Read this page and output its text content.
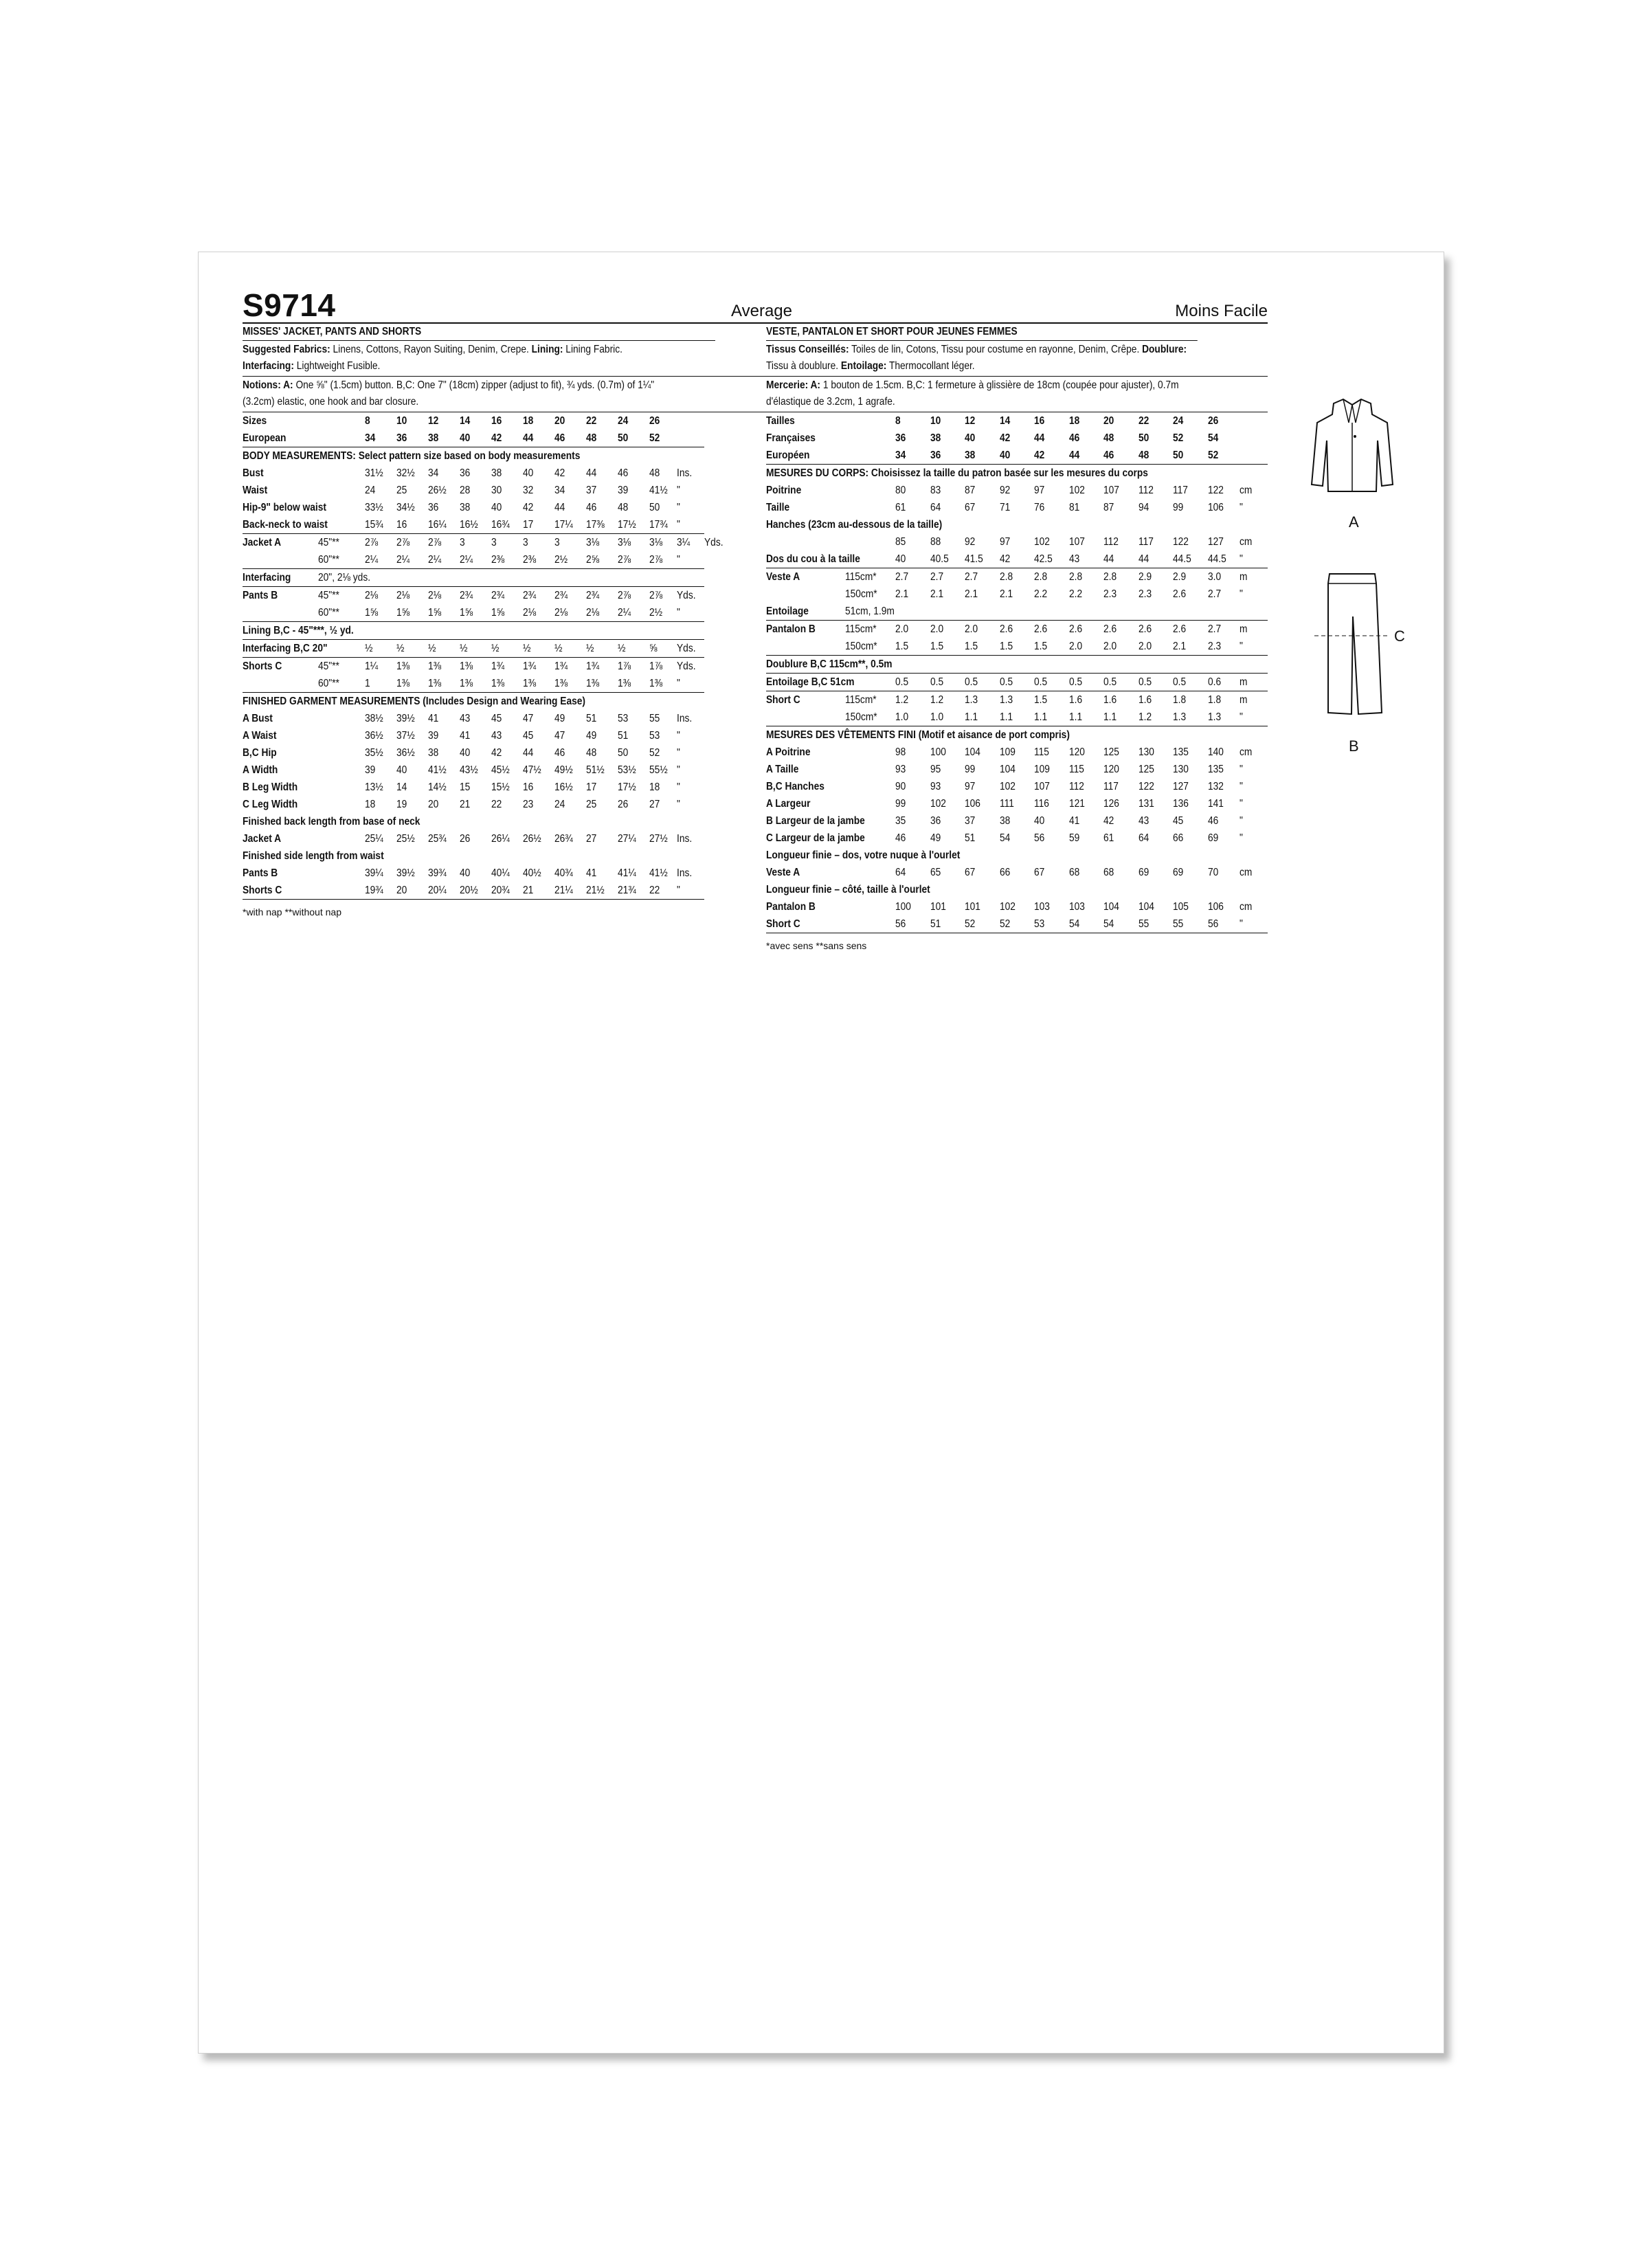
S9714	Average
MISSES' JACKET, PANTS AND SHORTS
Suggested Fabrics: Linens, Cottons, Rayon Suiting, Denim, Crepe. Lining: Lining Fabric.
Interfacing: Lightweight Fusible.
Notions: A: One ⅝" (1.5cm) button. B,C: One 7" (18cm) zipper (adjust to fit), ¾ yds. (0.7m) of 1¼"
(3.2cm) elastic, one hook and bar closure.
Sizes		8	10	12	14	16	18	20	22	24	26		
European		34	36	38	40	42	44	46	48	50	52		
BODY MEASUREMENTS: Select pattern size based on body measurements													
Bust		31½	32½	34	36	38	40	42	44	46	48	Ins.	
Waist		24	25	26½	28	30	32	34	37	39	41½	"	
Hip-9" below waist		33½	34½	36	38	40	42	44	46	48	50	"	
Back-neck to waist		15¾	16	16¼	16½	16¾	17	17¼	17⅜	17½	17¾	"	
Jacket A	45"**	2⅞	2⅞	2⅞	3	3	3	3	3⅛	3⅛	3⅛	3¼	Yds.
	60"**	2¼	2¼	2¼	2¼	2⅜	2⅜	2½	2⅝	2⅞	2⅞	"	
Interfacing	20", 2⅛ yds.												
Pants B	45"**	2⅛	2⅛	2⅛	2¾	2¾	2¾	2¾	2¾	2⅞	2⅞	Yds.	
	60"**	1⅝	1⅝	1⅝	1⅝	1⅝	2⅛	2⅛	2⅛	2¼	2½	"	
Lining B,C - 45"***, ½ yd.													
Interfacing B,C 20"		½	½	½	½	½	½	½	½	½	⅝	Yds.	
Shorts C	45"**	1¼	1⅜	1⅜	1⅜	1¾	1¾	1¾	1¾	1⅞	1⅞	Yds.	
	60"**	1	1⅜	1⅜	1⅜	1⅜	1⅜	1⅜	1⅜	1⅜	1⅜	"	
FINISHED GARMENT MEASUREMENTS (Includes Design and Wearing Ease)													
A Bust		38½	39½	41	43	45	47	49	51	53	55	Ins.	
A Waist		36½	37½	39	41	43	45	47	49	51	53	"	
B,C Hip		35½	36½	38	40	42	44	46	48	50	52	"	
A Width		39	40	41½	43½	45½	47½	49½	51½	53½	55½	"	
B Leg Width		13½	14	14½	15	15½	16	16½	17	17½	18	"	
C Leg Width		18	19	20	21	22	23	24	25	26	27	"	
Finished back length from base of neck													
Jacket A		25¼	25½	25¾	26	26¼	26½	26¾	27	27¼	27½	Ins.	
Finished side length from waist													
Pants B		39¼	39½	39¾	40	40¼	40½	40¾	41	41¼	41½	Ins.	
Shorts C		19¾	20	20¼	20½	20¾	21	21¼	21½	21¾	22	"	
*with nap **without nap
Moins Facile
VESTE, PANTALON ET SHORT POUR JEUNES FEMMES
Tissus Conseillés: Toiles de lin, Cotons, Tissu pour costume en rayonne, Denim, Crêpe. Doublure:
Tissu à doublure. Entoilage: Thermocollant léger.
Mercerie: A: 1 bouton de 1.5cm. B,C: 1 fermeture à glissière de 18cm (coupée pour ajuster), 0.7m
d'élastique de 3.2cm, 1 agrafe.
Tailles		8	10	12	14	16	18	20	22	24	26	
Françaises		36	38	40	42	44	46	48	50	52	54	
Européen		34	36	38	40	42	44	46	48	50	52	
MESURES DU CORPS: Choisissez la taille du patron basée sur les mesures du corps												
Poitrine		80	83	87	92	97	102	107	112	117	122	cm
Taille		61	64	67	71	76	81	87	94	99	106	"
Hanches (23cm au-dessous de la taille)												
		85	88	92	97	102	107	112	117	122	127	cm
Dos du cou à la taille		40	40.5	41.5	42	42.5	43	44	44	44.5	44.5	"
Veste A	115cm*	2.7	2.7	2.7	2.8	2.8	2.8	2.8	2.9	2.9	3.0	m
	150cm*	2.1	2.1	2.1	2.1	2.2	2.2	2.3	2.3	2.6	2.7	"
Entoilage	51cm, 1.9m											
Pantalon B	115cm*	2.0	2.0	2.0	2.6	2.6	2.6	2.6	2.6	2.6	2.7	m
	150cm*	1.5	1.5	1.5	1.5	1.5	2.0	2.0	2.0	2.1	2.3	"
Doublure B,C 115cm**, 0.5m												
Entoilage B,C 51cm		0.5	0.5	0.5	0.5	0.5	0.5	0.5	0.5	0.5	0.6	m
Short C	115cm*	1.2	1.2	1.3	1.3	1.5	1.6	1.6	1.6	1.8	1.8	m
	150cm*	1.0	1.0	1.1	1.1	1.1	1.1	1.1	1.2	1.3	1.3	"
MESURES DES VÊTEMENTS FINI (Motif et aisance de port compris)												
A Poitrine		98	100	104	109	115	120	125	130	135	140	cm
A Taille		93	95	99	104	109	115	120	125	130	135	"
B,C Hanches		90	93	97	102	107	112	117	122	127	132	"
A Largeur		99	102	106	111	116	121	126	131	136	141	"
B Largeur de la jambe		35	36	37	38	40	41	42	43	45	46	"
C Largeur de la jambe		46	49	51	54	56	59	61	64	66	69	"
Longueur finie – dos, votre nuque à l'ourlet												
Veste A		64	65	67	66	67	68	68	69	69	70	cm
Longueur finie – côté, taille à l'ourlet												
Pantalon B		100	101	101	102	103	103	104	104	105	106	cm
Short C		56	51	52	52	53	54	54	55	55	56	"
*avec sens **sans sens
A
B
C
